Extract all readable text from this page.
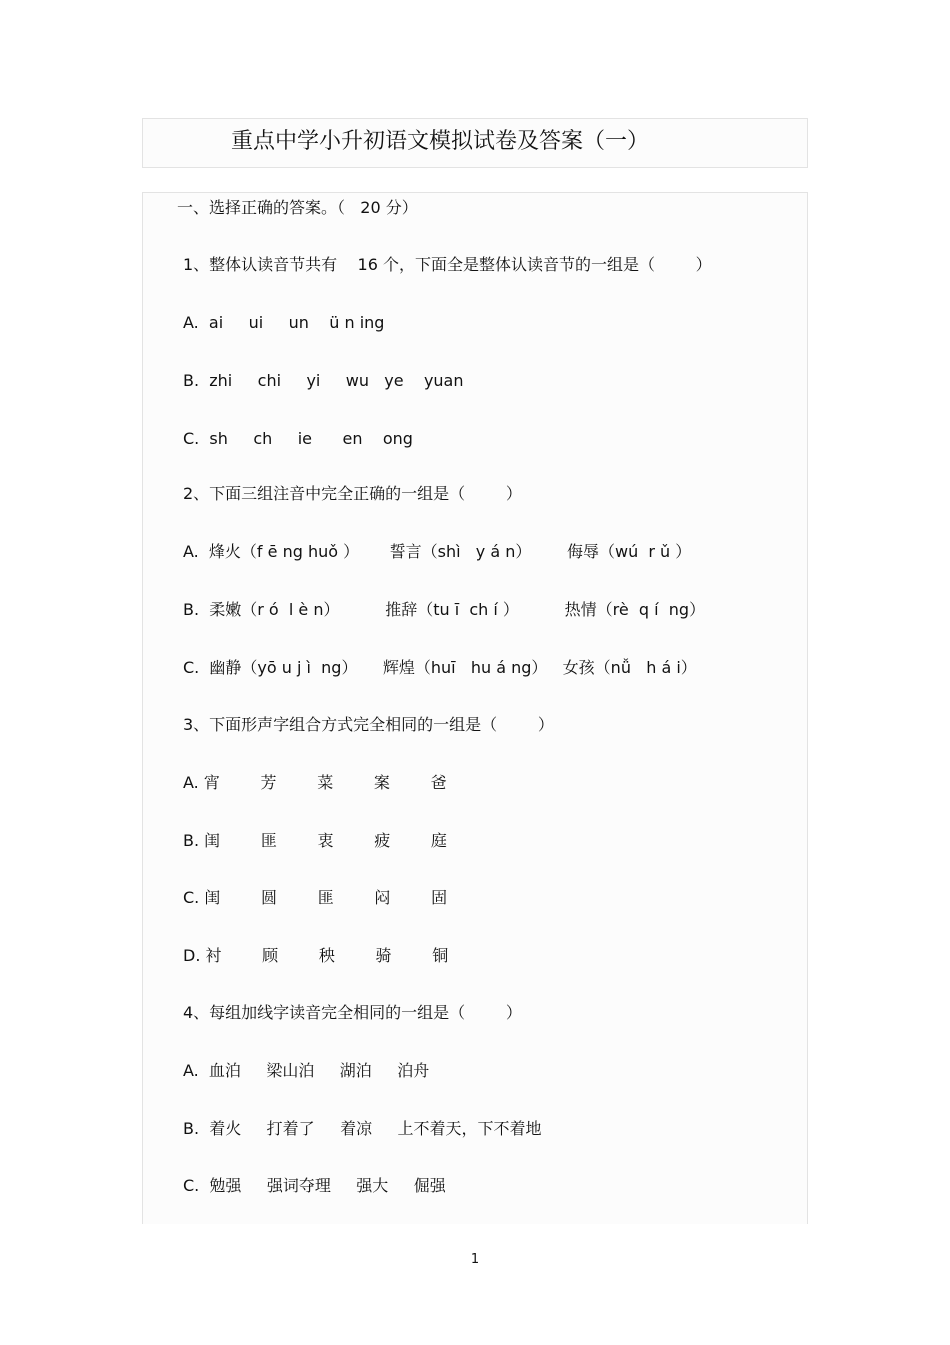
重点中学小升初语文模拟试卷及答案（一）
一、选择正确的答案。（   20 分）
1、整体认读音节共有    16 个，下面全是整体认读音节的一组是（        ）
A.  ai     ui     un    ü n ing
B.  zhi     chi     yi     wu   ye    yuan
C.  sh     ch     ie      en    ong
2、下面三组注音中完全正确的一组是（        ）
A.  烽火（f ē ng huǒ ）      誓言（shì   y á n）       侮辱（wú  r ǔ ）
B.  柔嫩（r ó  l è n）         推辞（tu ī  ch í ）         热情（rè  q í  ng）
C.  幽静（yō u j ì  ng）     辉煌（huī   hu á ng）   女孩（nǚ   h á i）
3、下面形声字组合方式完全相同的一组是（        ）
A. 宵        芳        菜        案        爸
B. 闺        匪        衷        疲        庭
C. 闺        圆        匪        闷        固
D. 衬        顾        秧        骑        铜
4、每组加线字读音完全相同的一组是（        ）
A.  血泊     梁山泊     湖泊     泊舟
B.  着火     打着了     着凉     上不着天，下不着地
C.  勉强     强词夺理     强大     倔强
1
